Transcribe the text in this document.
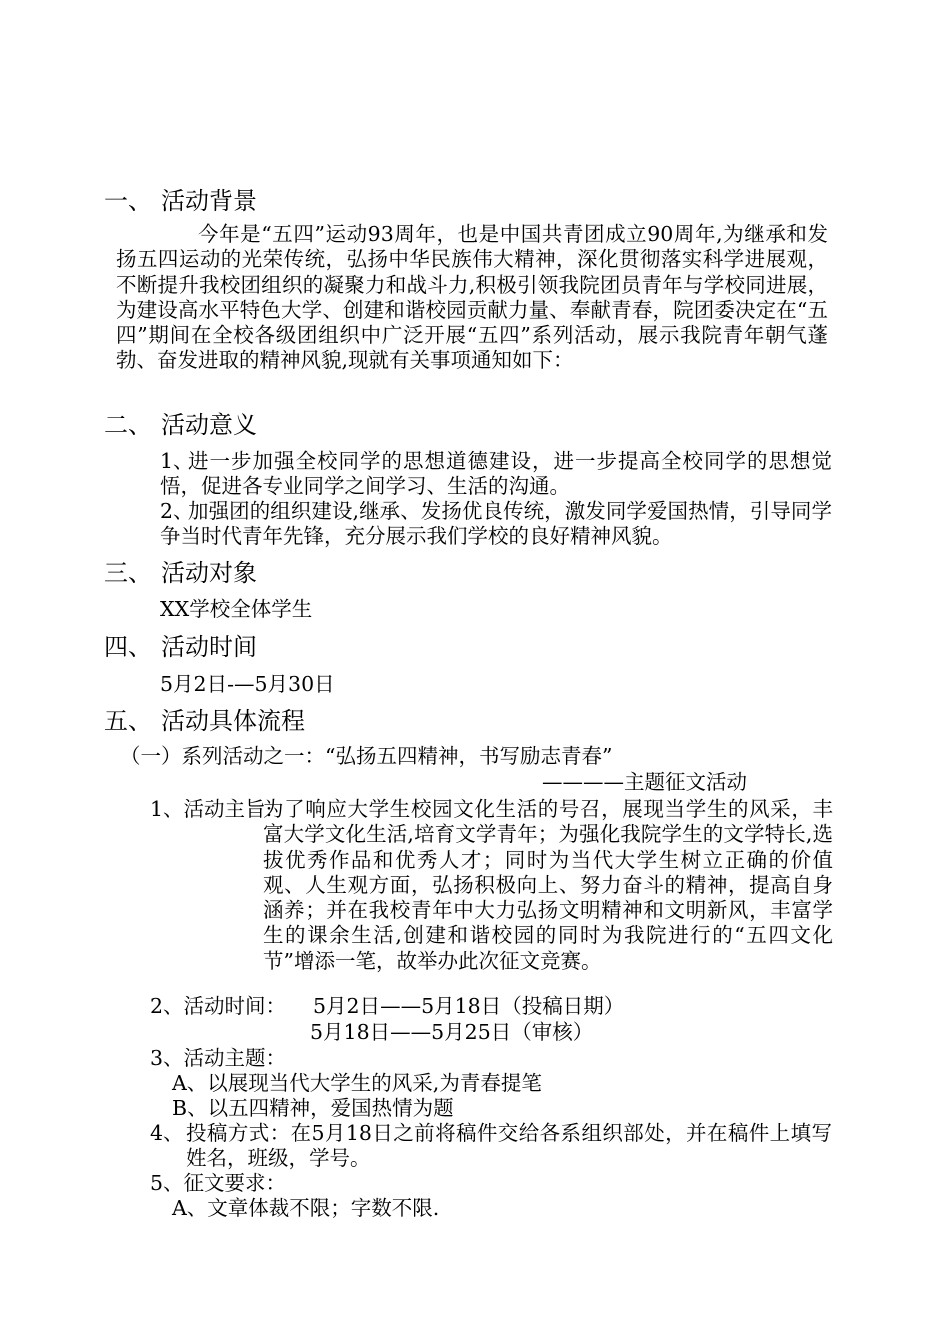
一、 活动背景
今年是“五四”运动93周年，也是中国共青团成立90周年,为继承和发扬五四运动的光荣传统，弘扬中华民族伟大精神，深化贯彻落实科学进展观，不断提升我校团组织的凝聚力和战斗力,积极引领我院团员青年与学校同进展，为建设高水平特色大学、创建和谐校园贡献力量、奉献青春，院团委决定在“五四”期间在全校各级团组织中广泛开展“五四”系列活动，展示我院青年朝气蓬勃、奋发进取的精神风貌,现就有关事项通知如下：
二、 活动意义
1、
进一步加强全校同学的思想道德建设，进一步提高全校同学的思想觉悟，促进各专业同学之间学习、生活的沟通。
2、
加强团的组织建设,继承、发扬优良传统，激发同学爱国热情，引导同学争当时代青年先锋，充分展示我们学校的良好精神风貌。
三、 活动对象
XX学校全体学生
四、 活动时间
5月2日-—5月30日
五、 活动具体流程
（一）系列活动之一：“弘扬五四精神，书写励志青春”
————主题征文活动
1、活动主旨:
为了响应大学生校园文化生活的号召，展现当学生的风采，丰富大学文化生活,培育文学青年；为强化我院学生的文学特长,选拔优秀作品和优秀人才；同时为当代大学生树立正确的价值观、人生观方面，弘扬积极向上、努力奋斗的精神，提高自身涵养；并在我校青年中大力弘扬文明精神和文明新风，丰富学生的课余生活,创建和谐校园的同时为我院进行的“五四文化节”增添一笔，故举办此次征文竞赛。
2、活动时间： 5月2日——5月18日（投稿日期）
5月18日——5月25日（审核）
3、活动主题：
A、以展现当代大学生的风采,为青春提笔
B、以五四精神，爱国热情为题
4、 投稿方式：在5月18日之前将稿件交给各系组织部处，并在稿件上填写姓名，班级，学号。
5、征文要求：
A、文章体裁不限；字数不限.
